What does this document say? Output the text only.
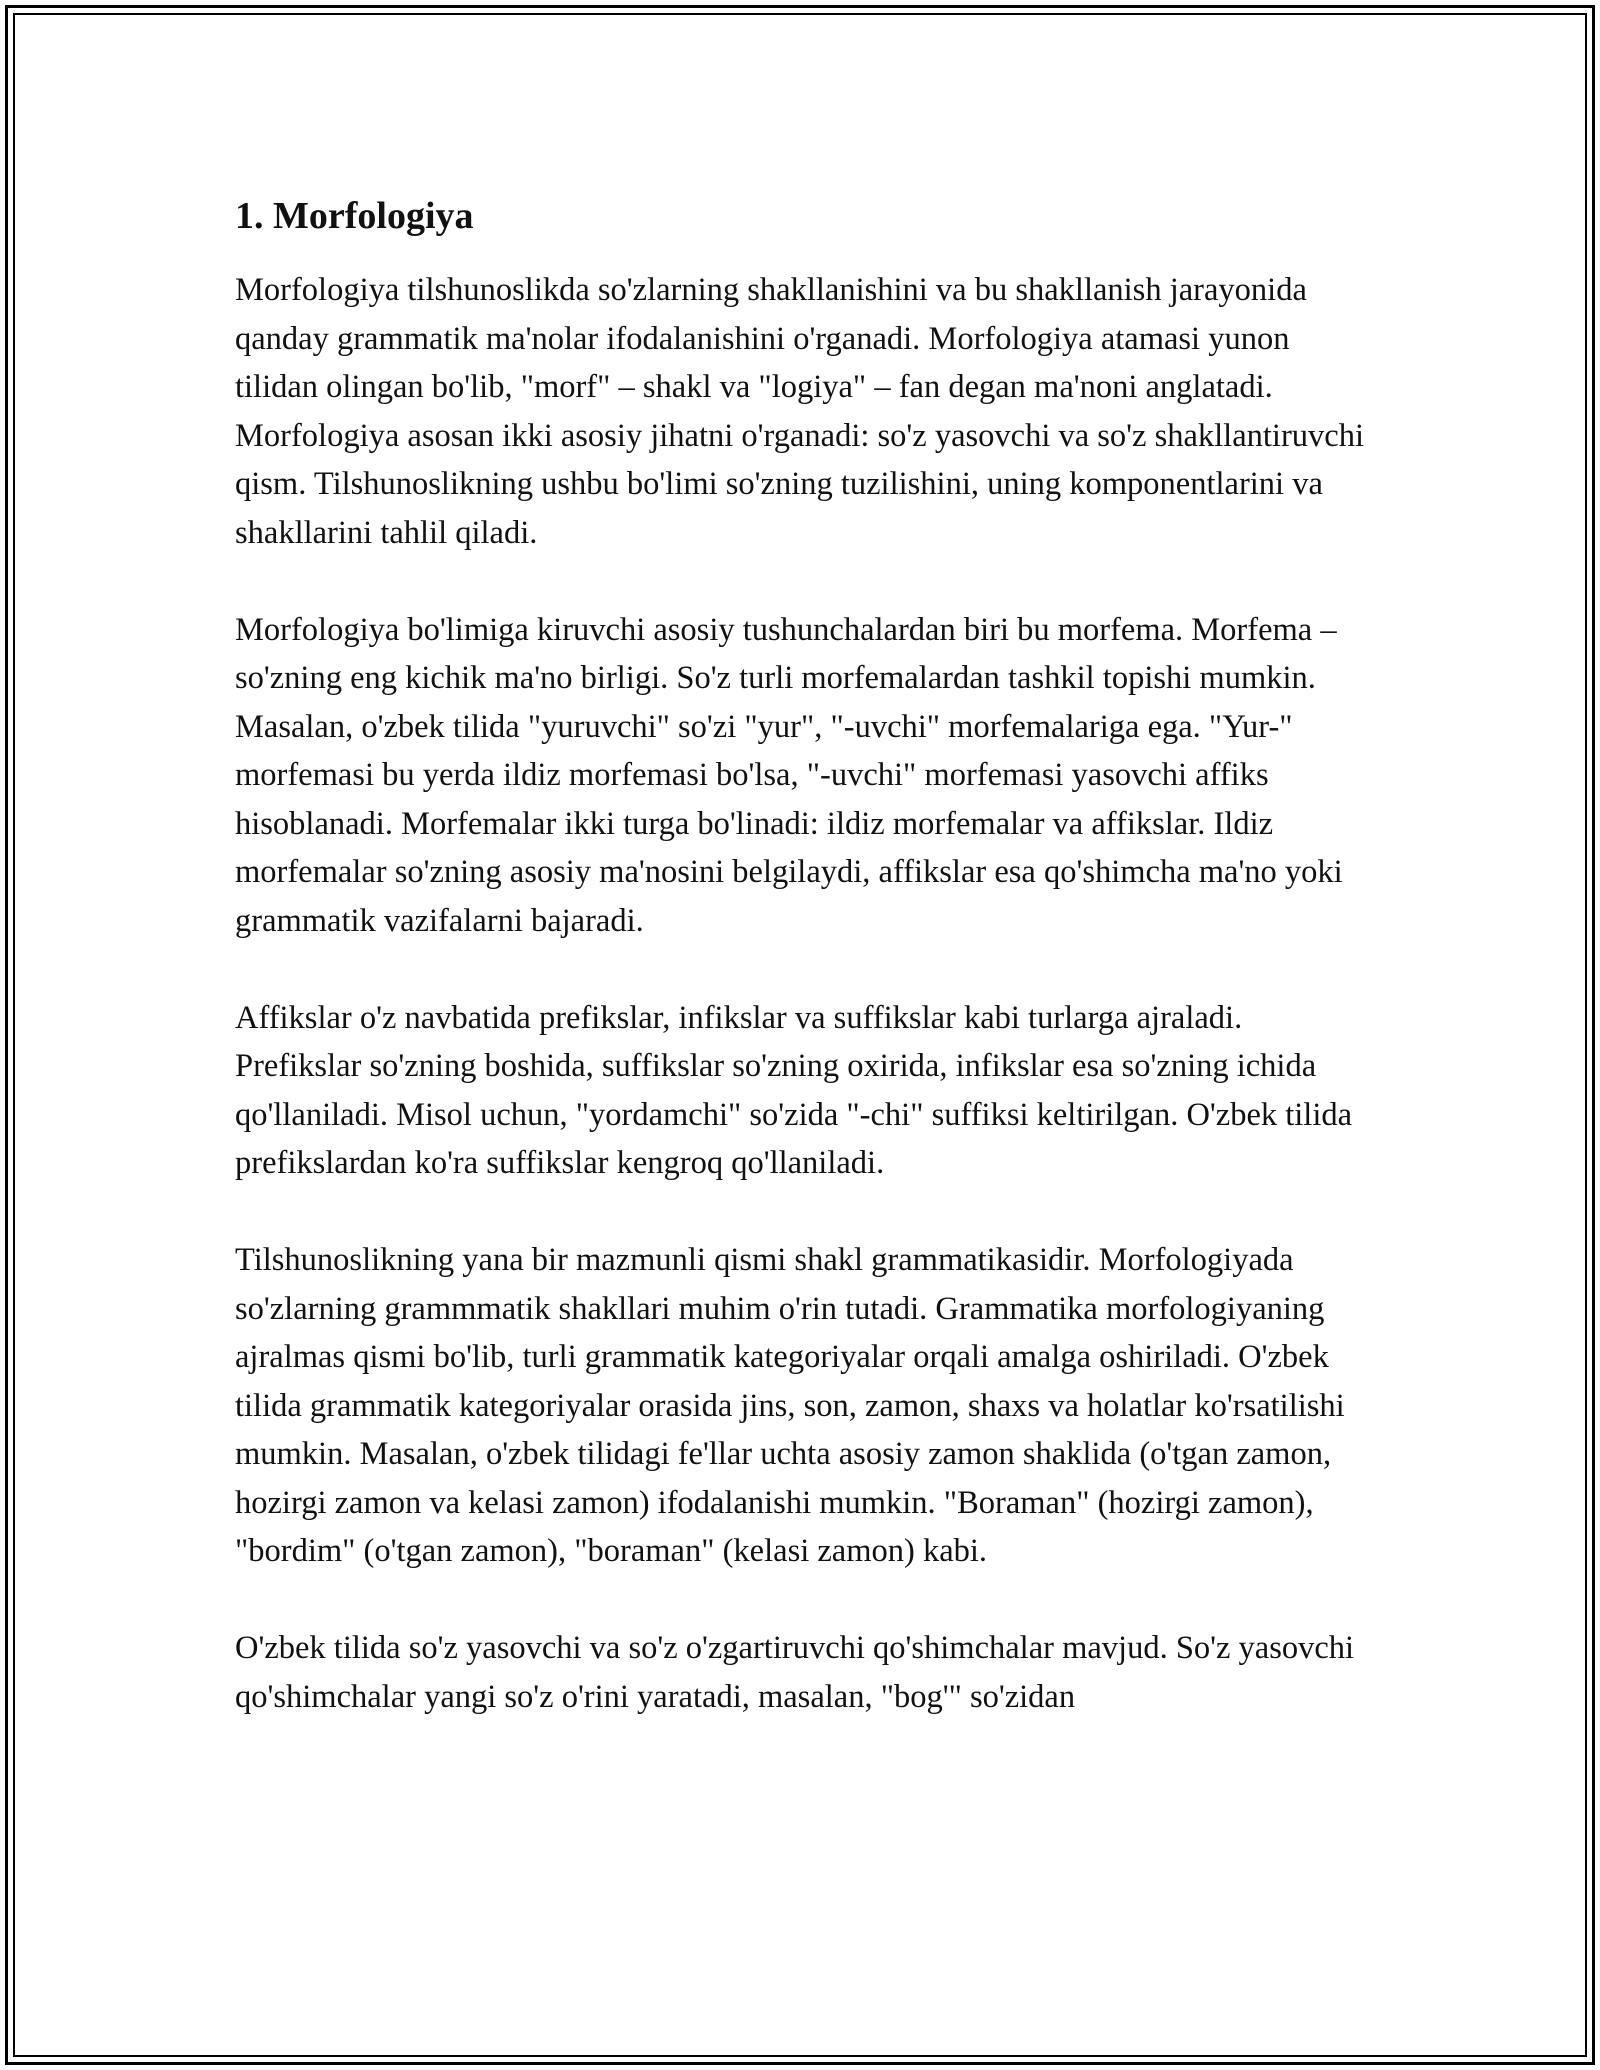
1. Morfologiya

Morfologiya tilshunoslikda so'zlarning shakllanishini va bu shakllanish jarayonida qanday grammatik ma'nolar ifodalanishini o'rganadi. Morfologiya atamasi yunon tilidan olingan bo'lib, "morf" – shakl va "logiya" – fan degan ma'noni anglatadi. Morfologiya asosan ikki asosiy jihatni o'rganadi: so'z yasovchi va so'z shakllantiruvchi qism. Tilshunoslikning ushbu bo'limi so'zning tuzilishini, uning komponentlarini va shakllarini tahlil qiladi.

Morfologiya bo'limiga kiruvchi asosiy tushunchalardan biri bu morfema. Morfema – so'zning eng kichik ma'no birligi. So'z turli morfemalardan tashkil topishi mumkin. Masalan, o'zbek tilida "yuruvchi" so'zi "yur", "-uvchi" morfemalariga ega. "Yur-" morfemasi bu yerda ildiz morfemasi bo'lsa, "-uvchi" morfemasi yasovchi affiks hisoblanadi. Morfemalar ikki turga bo'linadi: ildiz morfemalar va affikslar. Ildiz morfemalar so'zning asosiy ma'nosini belgilaydi, affikslar esa qo'shimcha ma'no yoki grammatik vazifalarni bajaradi.

Affikslar o'z navbatida prefikslar, infikslar va suffikslar kabi turlarga ajraladi. Prefikslar so'zning boshida, suffikslar so'zning oxirida, infikslar esa so'zning ichida qo'llaniladi. Misol uchun, "yordamchi" so'zida "-chi" suffiksi keltirilgan. O'zbek tilida prefikslardan ko'ra suffikslar kengroq qo'llaniladi.

Tilshunoslikning yana bir mazmunli qismi shakl grammatikasidir. Morfologiyada so'zlarning grammmatik shakllari muhim o'rin tutadi. Grammatika morfologiyaning ajralmas qismi bo'lib, turli grammatik kategoriyalar orqali amalga oshiriladi. O'zbek tilida grammatik kategoriyalar orasida jins, son, zamon, shaxs va holatlar ko'rsatilishi mumkin. Masalan, o'zbek tilidagi fe'llar uchta asosiy zamon shaklida (o'tgan zamon, hozirgi zamon va kelasi zamon) ifodalanishi mumkin. "Boraman" (hozirgi zamon), "bordim" (o'tgan zamon), "boraman" (kelasi zamon) kabi.

O'zbek tilida so'z yasovchi va so'z o'zgartiruvchi qo'shimchalar mavjud. So'z yasovchi qo'shimchalar yangi so'z o'rini yaratadi, masalan, "bog'" so'zidan
